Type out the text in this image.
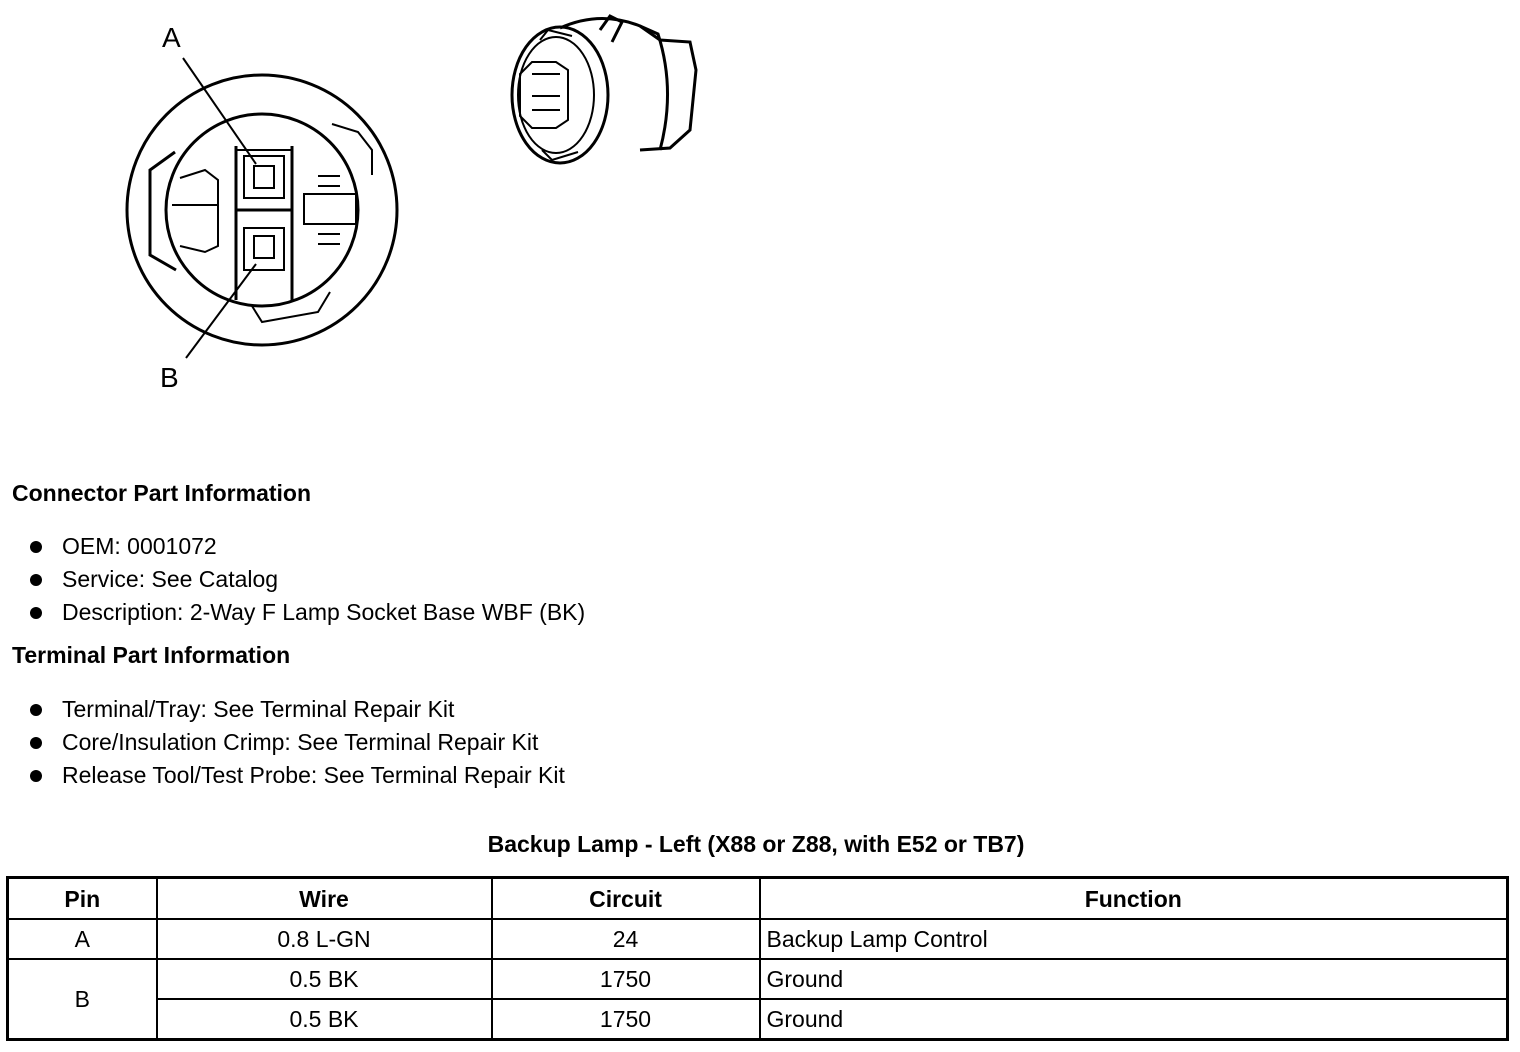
A
B
Connector Part Information
OEM: 0001072
Service: See Catalog
Description: 2-Way F Lamp Socket Base WBF (BK)
Terminal Part Information
Terminal/Tray: See Terminal Repair Kit
Core/Insulation Crimp: See Terminal Repair Kit
Release Tool/Test Probe: See Terminal Repair Kit
Backup Lamp - Left (X88 or Z88, with E52 or TB7)
Pin	Wire	Circuit	Function
A	0.8 L-GN	24	Backup Lamp Control
B	0.5 BK	1750	Ground
	0.5 BK	1750	Ground
